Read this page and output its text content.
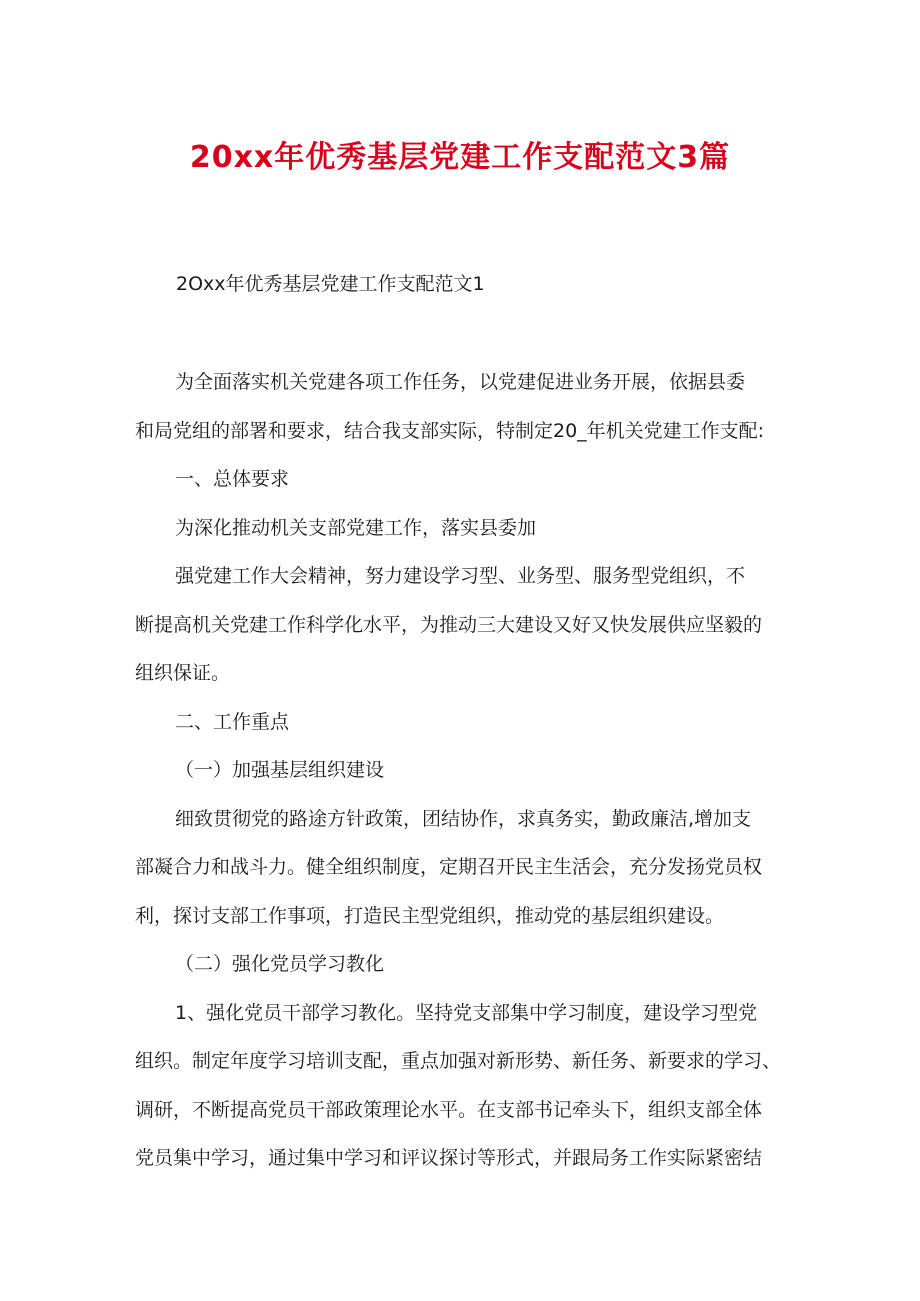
20xx年优秀基层党建工作支配范文3篇

2Oxx年优秀基层党建工作支配范文1

为全面落实机关党建各项工作任务，以党建促进业务开展，依据县委
和局党组的部署和要求，结合我支部实际，特制定20_年机关党建工作支配:

一、总体要求

为深化推动机关支部党建工作，落实县委加

强党建工作大会精神，努力建设学习型、业务型、服务型党组织，不
断提高机关党建工作科学化水平，为推动三大建设又好又快发展供应坚毅的
组织保证。

二、工作重点

（一）加强基层组织建设

细致贯彻党的路途方针政策，团结协作，求真务实，勤政廉洁,增加支
部凝合力和战斗力。健全组织制度，定期召开民主生活会，充分发扬党员权
利，探讨支部工作事项，打造民主型党组织，推动党的基层组织建设。

（二）强化党员学习教化

1、强化党员干部学习教化。坚持党支部集中学习制度，建设学习型党
组织。制定年度学习培训支配，重点加强对新形势、新任务、新要求的学习、
调研，不断提高党员干部政策理论水平。在支部书记牵头下，组织支部全体
党员集中学习，通过集中学习和评议探讨等形式，并跟局务工作实际紧密结
